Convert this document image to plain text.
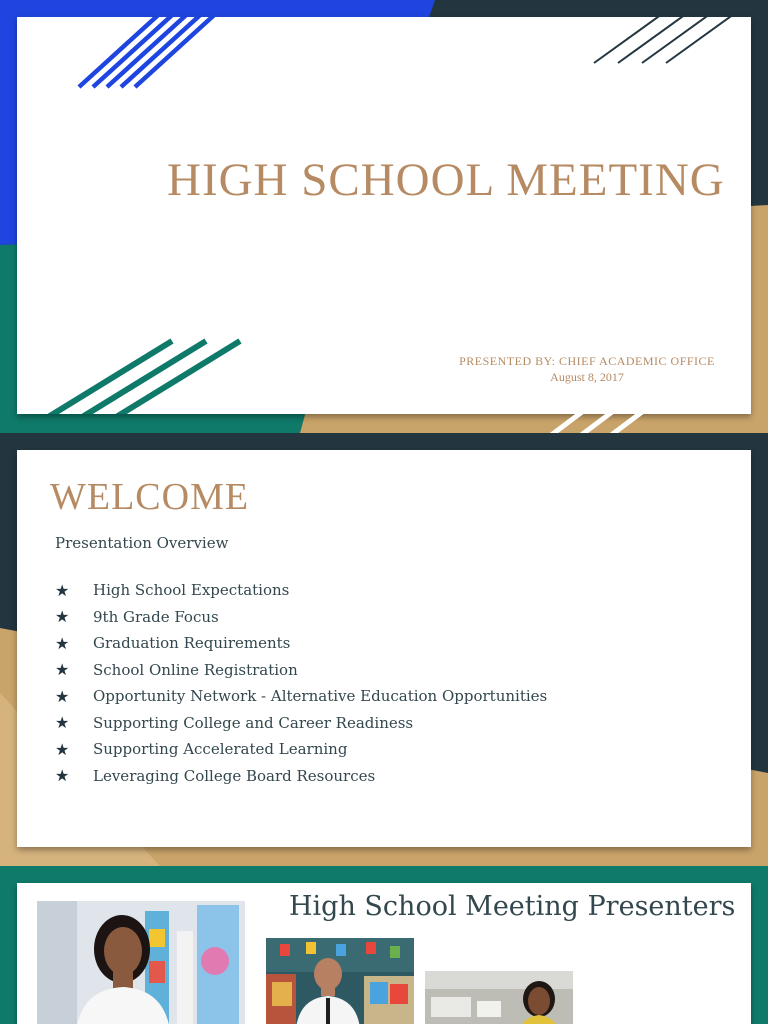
HIGH SCHOOL MEETING
PRESENTED BY: CHIEF ACADEMIC OFFICE
August 8, 2017
WELCOME
Presentation Overview
★	High School Expectations
★	9th Grade Focus
★	Graduation Requirements
★	School Online Registration
★	Opportunity Network - Alternative Education Opportunities
★	Supporting College and Career Readiness
★	Supporting Accelerated Learning
★	Leveraging College Board Resources
High School Meeting Presenters
